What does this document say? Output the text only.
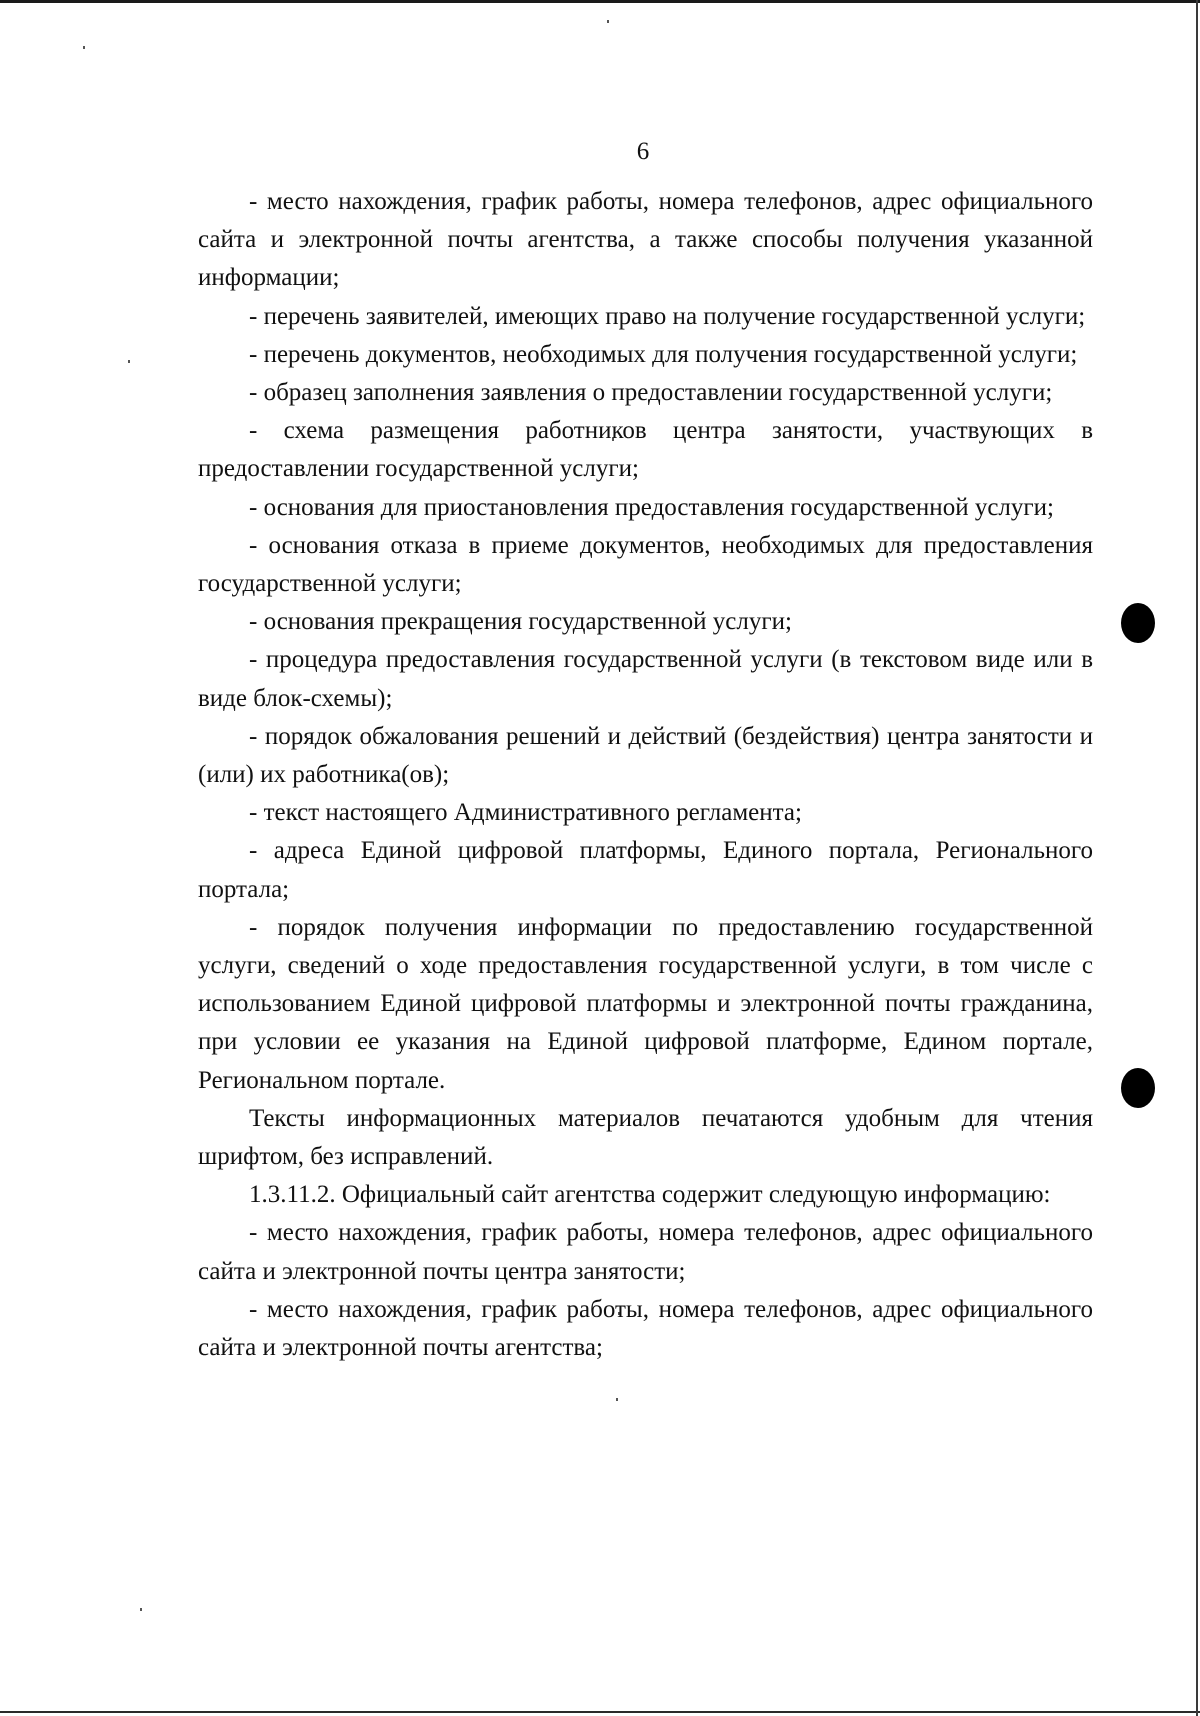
6

- место нахождения, график работы, номера телефонов, адрес официального сайта и электронной почты агентства, а также способы получения указанной информации;

- перечень заявителей, имеющих право на получение государственной услуги;

- перечень документов, необходимых для получения государственной услуги;

- образец заполнения заявления о предоставлении государственной услуги;

- схема размещения работников центра занятости, участвующих в предоставлении государственной услуги;

- основания для приостановления предоставления государственной услуги;

- основания отказа в приеме документов, необходимых для предоставления государственной услуги;

- основания прекращения государственной услуги;

- процедура предоставления государственной услуги (в текстовом виде или в виде блок-схемы);

- порядок обжалования решений и действий (бездействия) центра занятости и (или) их работника(ов);

- текст настоящего Административного регламента;

- адреса Единой цифровой платформы, Единого портала, Регионального портала;

- порядок получения информации по предоставлению государственной услуги, сведений о ходе предоставления государственной услуги, в том числе с использованием Единой цифровой платформы и электронной почты гражданина, при условии ее указания на Единой цифровой платформе, Едином портале, Региональном портале.

Тексты информационных материалов печатаются удобным для чтения шрифтом, без исправлений.

1.3.11.2. Официальный сайт агентства содержит следующую информацию:

- место нахождения, график работы, номера телефонов, адрес официального сайта и электронной почты центра занятости;

- место нахождения, график работы, номера телефонов, адрес официального сайта и электронной почты агентства;
